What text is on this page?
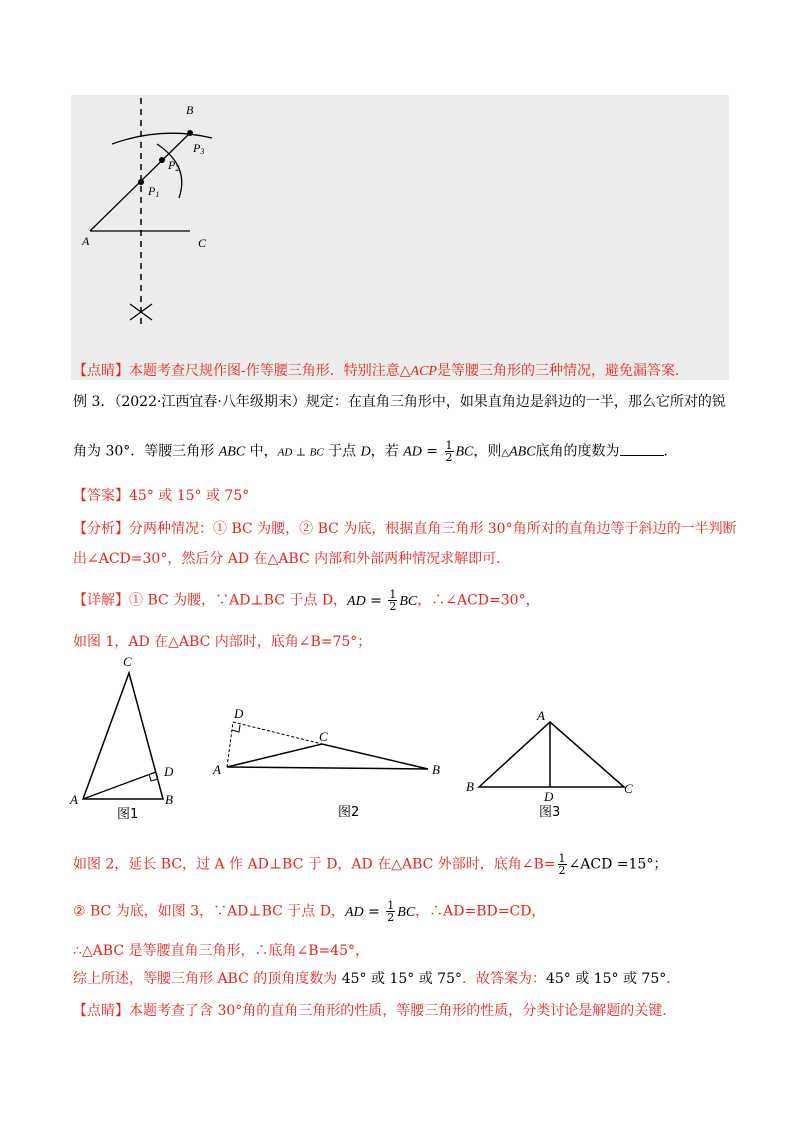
B
P3
P2
P1
A	C
【点睛】本题考查尺规作图-作等腰三角形．特别注意△ACP是等腰三角形的三种情况，避免漏答案．
例 3．（2022·江西宜春·八年级期末）规定：在直角三角形中，如果直角边是斜边的一半，那么它所对的锐
角为 30°．等腰三角形 ABC 中，AD ⊥ BC 于点 D，若 AD = $\frac{1}{2}$ BC，则△ABC底角的度数为	．
【答案】45° 或 15° 或 75°
【分析】分两种情况：① BC 为腰，② BC 为底，根据直角三角形 30°角所对的直角边等于斜边的一半判断
出∠ACD=30°，然后分 AD 在△ABC 内部和外部两种情况求解即可．
【详解】① BC 为腰，∵AD⊥BC 于点 D，AD = $\frac{1}{2}$ BC，∴∠ACD=30°，
如图 1，AD 在△ABC 内部时，底角∠B=75°；
C
D
A	B
图1
D
C
A	B
图2
A
B
D
C
图3
如图 2，延长 BC，过 A 作 AD⊥BC 于 D，AD 在△ABC 外部时，底角∠B= $\frac{1}{2}$ ∠ACD =15°；
② BC 为底，如图 3，∵AD⊥BC 于点 D，AD = $\frac{1}{2}$ BC，∴AD=BD=CD，
∴△ABC 是等腰直角三角形，∴底角∠B=45°，
综上所述，等腰三角形 ABC 的顶角度数为 45° 或 15° 或 75°．故答案为：45° 或 15° 或 75°．
【点睛】本题考查了含 30°角的直角三角形的性质，等腰三角形的性质，分类讨论是解题的关键．
